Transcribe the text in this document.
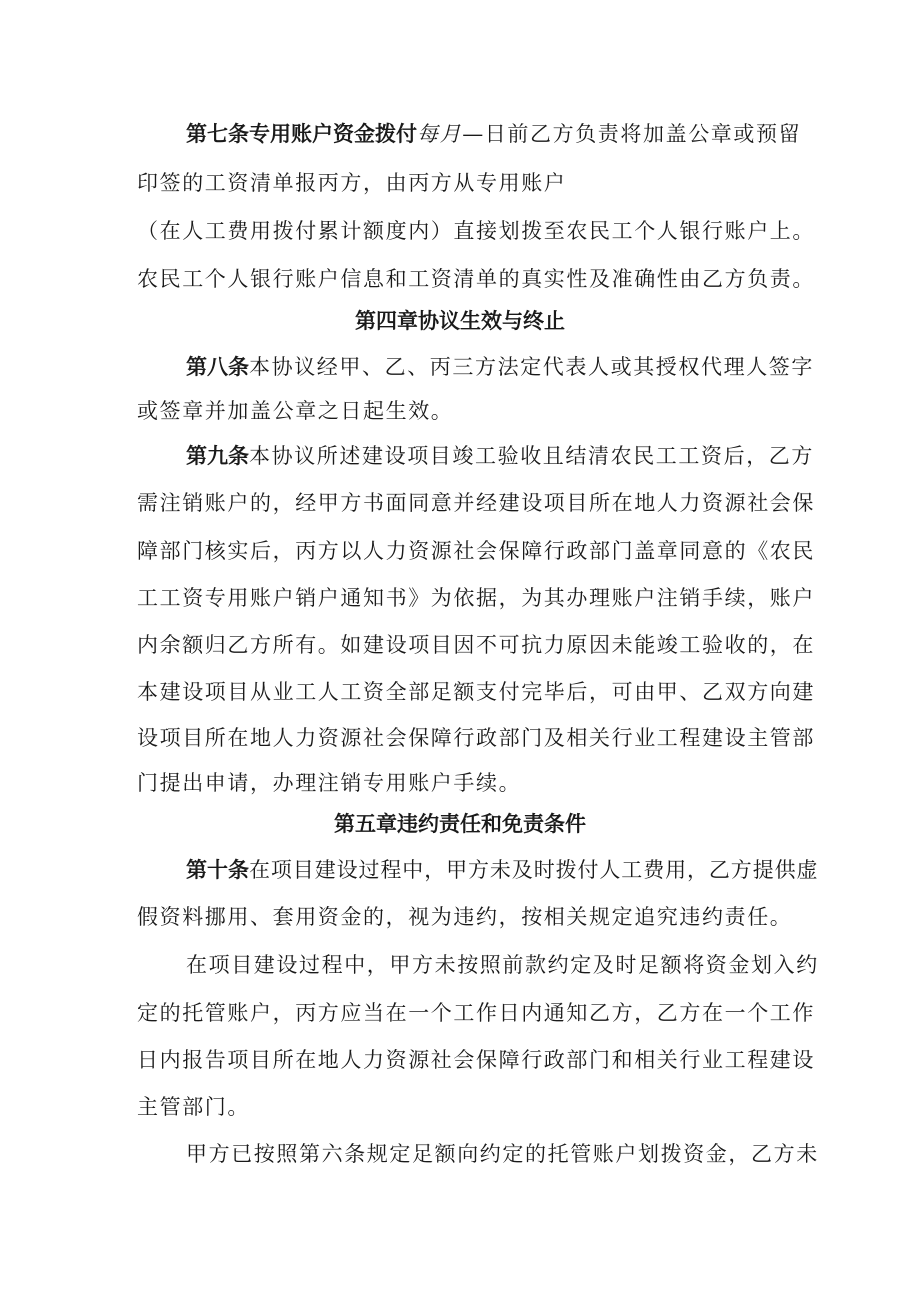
第七条专用账户资金拨付每月—日前乙方负责将加盖公章或预留
印签的工资清单报丙方，由丙方从专用账户
（在人工费用拨付累计额度内）直接划拨至农民工个人银行账户上。
农民工个人银行账户信息和工资清单的真实性及准确性由乙方负责。
第四章协议生效与终止
第八条本协议经甲、乙、丙三方法定代表人或其授权代理人签字
或签章并加盖公章之日起生效。
第九条本协议所述建设项目竣工验收且结清农民工工资后，乙方
需注销账户的，经甲方书面同意并经建设项目所在地人力资源社会保
障部门核实后，丙方以人力资源社会保障行政部门盖章同意的《农民
工工资专用账户销户通知书》为依据，为其办理账户注销手续，账户
内余额归乙方所有。如建设项目因不可抗力原因未能竣工验收的，在
本建设项目从业工人工资全部足额支付完毕后，可由甲、乙双方向建
设项目所在地人力资源社会保障行政部门及相关行业工程建设主管部
门提出申请，办理注销专用账户手续。
第五章违约责任和免责条件
第十条在项目建设过程中，甲方未及时拨付人工费用，乙方提供虚
假资料挪用、套用资金的，视为违约，按相关规定追究违约责任。
在项目建设过程中，甲方未按照前款约定及时足额将资金划入约
定的托管账户，丙方应当在一个工作日内通知乙方，乙方在一个工作
日内报告项目所在地人力资源社会保障行政部门和相关行业工程建设
主管部门。
甲方已按照第六条规定足额向约定的托管账户划拨资金，乙方未
